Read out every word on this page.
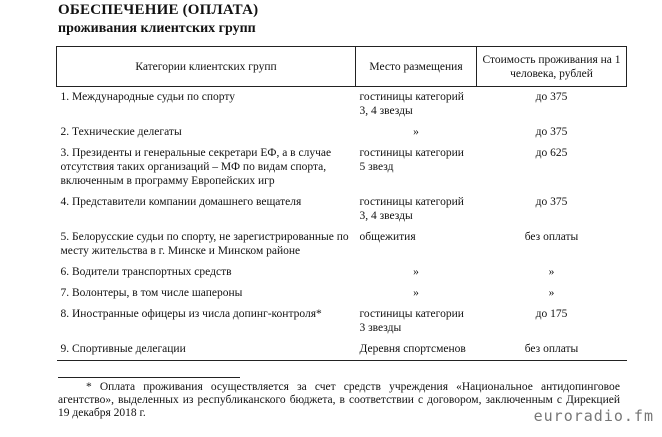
ОБЕСПЕЧЕНИЕ (ОПЛАТА)
проживания клиентских групп
Категории клиентских групп	Место размещения	Стоимость проживания на 1 человека, рублей
1. Международные судьи по спорту	гостиницы категорий 3, 4 звезды	до 375
2. Технические делегаты	»	до 375
3. Президенты и генеральные секретари ЕФ, а в случае отсутствия таких организаций – МФ по видам спорта, включенным в программу Европейских игр	гостиницы категории 5 звезд	до 625
4. Представители компании домашнего вещателя	гостиницы категорий 3, 4 звезды	до 375
5. Белорусские судьи по спорту, не зарегистрированные по месту жительства в г. Минске и Минском районе	общежития	без оплаты
6. Водители транспортных средств	»	»
7. Волонтеры, в том числе шапероны	»	»
8. Иностранные офицеры из числа допинг-контроля*	гостиницы категории 3 звезды	до 175
9. Спортивные делегации	Деревня спортсменов	без оплаты
* Оплата проживания осуществляется за счет средств учреждения «Национальное антидопинговое агентство», выделенных из республиканского бюджета, в соответствии с договором, заключенным с Дирекцией 19 декабря 2018 г.	euroradio.fm
